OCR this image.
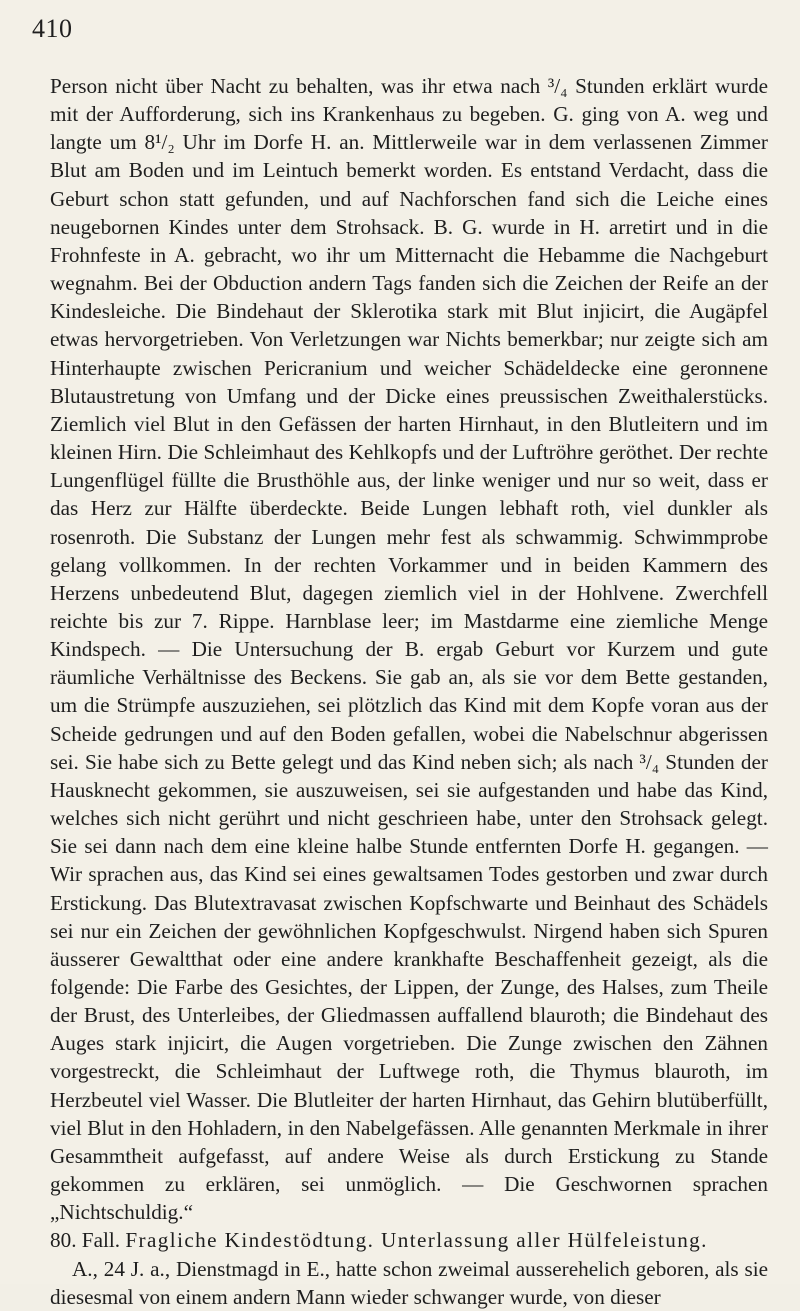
410

Person nicht über Nacht zu behalten, was ihr etwa nach ³/₄ Stunden erklärt wurde mit der Aufforderung, sich ins Krankenhaus zu begeben. G. ging von A. weg und langte um 8¹/₂ Uhr im Dorfe H. an. Mittlerweile war in dem verlassenen Zimmer Blut am Boden und im Leintuch bemerkt worden. Es entstand Verdacht, dass die Geburt schon statt gefunden, und auf Nachforschen fand sich die Leiche eines neugebornen Kindes unter dem Strohsack. B. G. wurde in H. arretirt und in die Frohnfeste in A. gebracht, wo ihr um Mitternacht die Hebamme die Nachgeburt wegnahm. Bei der Obduction andern Tags fanden sich die Zeichen der Reife an der Kindesleiche. Die Bindehaut der Sklerotika stark mit Blut injicirt, die Augäpfel etwas hervorgetrieben. Von Verletzungen war Nichts bemerkbar; nur zeigte sich am Hinterhaupte zwischen Pericranium und weicher Schädeldecke eine geronnene Blutaustretung von Umfang und der Dicke eines preussischen Zweithalerstücks. Ziemlich viel Blut in den Gefässen der harten Hirnhaut, in den Blutleitern und im kleinen Hirn. Die Schleimhaut des Kehlkopfs und der Luftröhre geröthet. Der rechte Lungenflügel füllte die Brusthöhle aus, der linke weniger und nur so weit, dass er das Herz zur Hälfte überdeckte. Beide Lungen lebhaft roth, viel dunkler als rosenroth. Die Substanz der Lungen mehr fest als schwammig. Schwimmprobe gelang vollkommen. In der rechten Vorkammer und in beiden Kammern des Herzens unbedeutend Blut, dagegen ziemlich viel in der Hohlvene. Zwerchfell reichte bis zur 7. Rippe. Harnblase leer; im Mastdarme eine ziemliche Menge Kindspech. — Die Untersuchung der B. ergab Geburt vor Kurzem und gute räumliche Verhältnisse des Beckens. Sie gab an, als sie vor dem Bette gestanden, um die Strümpfe auszuziehen, sei plötzlich das Kind mit dem Kopfe voran aus der Scheide gedrungen und auf den Boden gefallen, wobei die Nabelschnur abgerissen sei. Sie habe sich zu Bette gelegt und das Kind neben sich; als nach ³/₄ Stunden der Hausknecht gekommen, sie auszuweisen, sei sie aufgestanden und habe das Kind, welches sich nicht gerührt und nicht geschrieen habe, unter den Strohsack gelegt. Sie sei dann nach dem eine kleine halbe Stunde entfernten Dorfe H. gegangen. — Wir sprachen aus, das Kind sei eines gewaltsamen Todes gestorben und zwar durch Erstickung. Das Blutextravasat zwischen Kopfschwarte und Beinhaut des Schädels sei nur ein Zeichen der gewöhnlichen Kopfgeschwulst. Nirgend haben sich Spuren äusserer Gewaltthat oder eine andere krankhafte Beschaffenheit gezeigt, als die folgende: Die Farbe des Gesichtes, der Lippen, der Zunge, des Halses, zum Theile der Brust, des Unterleibes, der Gliedmassen auffallend blauroth; die Bindehaut des Auges stark injicirt, die Augen vorgetrieben. Die Zunge zwischen den Zähnen vorgestreckt, die Schleimhaut der Luftwege roth, die Thymus blauroth, im Herzbeutel viel Wasser. Die Blutleiter der harten Hirnhaut, das Gehirn blutüberfüllt, viel Blut in den Hohladern, in den Nabelgefässen. Alle genannten Merkmale in ihrer Gesammtheit aufgefasst, auf andere Weise als durch Erstickung zu Stande gekommen zu erklären, sei unmöglich. — Die Geschwornen sprachen „Nichtschuldig.“

80. Fall. Fragliche Kindestödtung. Unterlassung aller Hülfeleistung.

A., 24 J. a., Dienstmagd in E., hatte schon zweimal ausserehelich geboren, als sie diesesmal von einem andern Mann wieder schwanger wurde, von dieser
